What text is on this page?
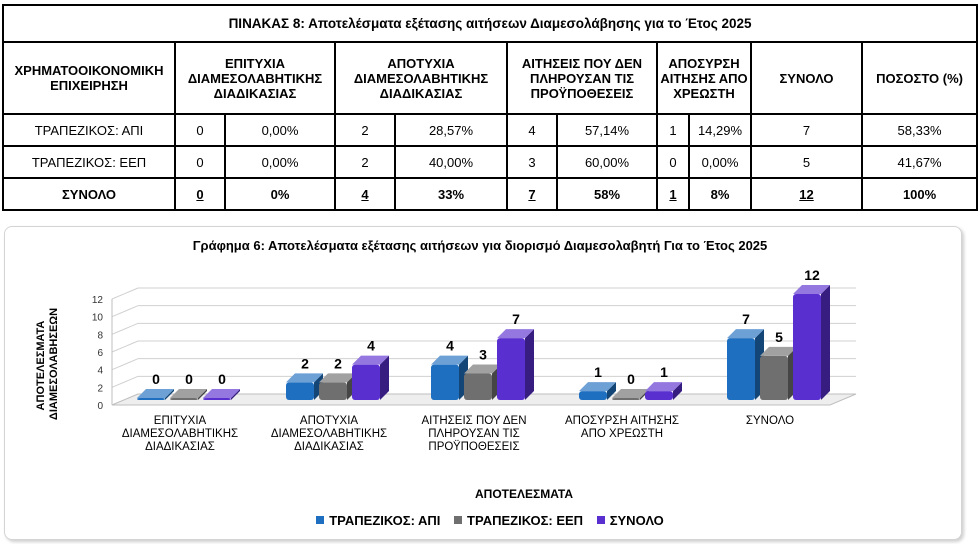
ΠΙΝΑΚΑΣ 8: Αποτελέσματα εξέτασης αιτήσεων Διαμεσολάβησης για το Έτος 2025										
ΧΡΗΜΑΤΟΟΙΚΟΝΟΜΙΚΗ ΕΠΙΧΕΙΡΗΣΗ	ΕΠΙΤΥΧΙΑ ΔΙΑΜΕΣΟΛΑΒΗΤΙΚΗΣ ΔΙΑΔΙΚΑΣΙΑΣ		ΑΠΟΤΥΧΙΑ ΔΙΑΜΕΣΟΛΑΒΗΤΙΚΗΣ ΔΙΑΔΙΚΑΣΙΑΣ		ΑΙΤΗΣΕΙΣ ΠΟΥ ΔΕΝ ΠΛΗΡΟΥΣΑΝ ΤΙΣ ΠΡΟΫΠΟΘΕΣΕΙΣ		ΑΠΟΣΥΡΣΗ ΑΙΤΗΣΗΣ ΑΠΟ ΧΡΕΩΣΤΗ		ΣΥΝΟΛΟ	ΠΟΣΟΣΤΟ (%)
ΤΡΑΠΕΖΙΚΟΣ: ΑΠΙ	0	0,00%	2	28,57%	4	57,14%	1	14,29%	7	58,33%
ΤΡΑΠΕΖΙΚΟΣ: ΕΕΠ	0	0,00%	2	40,00%	3	60,00%	0	0,00%	5	41,67%
ΣΥΝΟΛΟ	0	0%	4	33%	7	58%	1	8%	12	100%
Γράφημα 6: Αποτελέσματα εξέτασης αιτήσεων για διορισμό Διαμεσολαβητή Για το Έτος 2025
ΑΠΟΤΕΛΕΣΜΑΤΑ ΔΙΑΜΕΣΟΛΑΒΗΣΕΩΝ
ΑΠΟΤΕΛΕΣΜΑΤΑ
0
2
4
6
8
10
12
0 0 0
ΕΠΙΤΥΧΙΑ ΔΙΑΜΕΣΟΛΑΒΗΤΙΚΗΣ ΔΙΑΔΙΚΑΣΙΑΣ
2 2
4
ΑΠΟΤΥΧΙΑ ΔΙΑΜΕΣΟΛΑΒΗΤΙΚΗΣ ΔΙΑΔΙΚΑΣΙΑΣ
4
3
7
ΑΙΤΗΣΕΙΣ ΠΟΥ ΔΕΝ ΠΛΗΡΟΥΣΑΝ ΤΙΣ ΠΡΟΫΠΟΘΕΣΕΙΣ
1 0 1
ΑΠΟΣΥΡΣΗ ΑΙΤΗΣΗΣ ΑΠΟ ΧΡΕΩΣΤΗ
7
5
12
ΣΥΝΟΛΟ
ΤΡΑΠΕΖΙΚΟΣ: ΑΠΙ
ΤΡΑΠΕΖΙΚΟΣ: ΕΕΠ
ΣΥΝΟΛΟ
